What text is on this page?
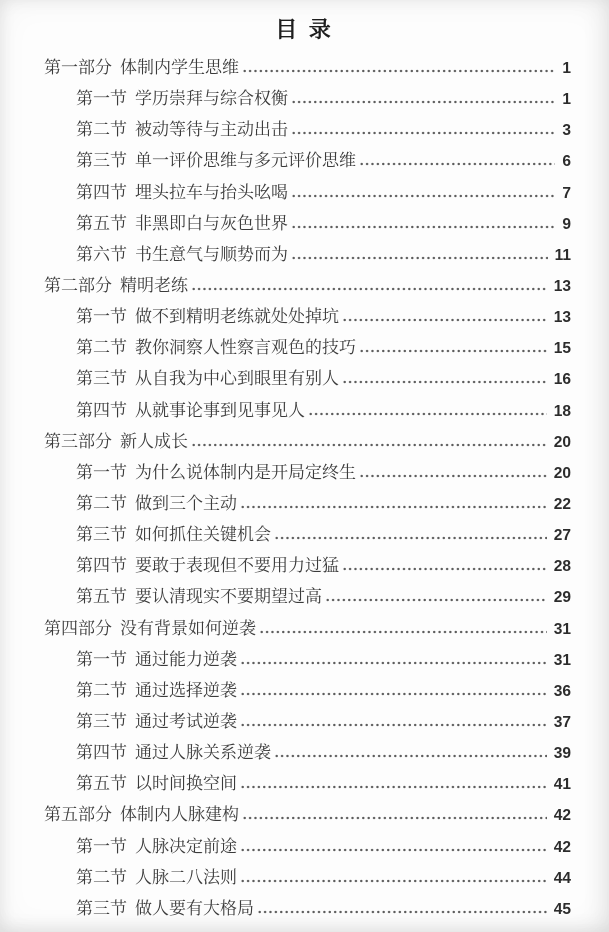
目 录
第一部分 体制内学生思维	1
第一节 学历崇拜与综合权衡	1
第二节 被动等待与主动出击	3
第三节 单一评价思维与多元评价思维	6
第四节 埋头拉车与抬头吆喝	7
第五节 非黑即白与灰色世界	9
第六节 书生意气与顺势而为	11
第二部分 精明老练	13
第一节 做不到精明老练就处处掉坑	13
第二节 教你洞察人性察言观色的技巧	15
第三节 从自我为中心到眼里有别人	16
第四节 从就事论事到见事见人	18
第三部分 新人成长	20
第一节 为什么说体制内是开局定终生	20
第二节 做到三个主动	22
第三节 如何抓住关键机会	27
第四节 要敢于表现但不要用力过猛	28
第五节 要认清现实不要期望过高	29
第四部分 没有背景如何逆袭	31
第一节 通过能力逆袭	31
第二节 通过选择逆袭	36
第三节 通过考试逆袭	37
第四节 通过人脉关系逆袭	39
第五节 以时间换空间	41
第五部分 体制内人脉建构	42
第一节 人脉决定前途	42
第二节 人脉二八法则	44
第三节 做人要有大格局	45
